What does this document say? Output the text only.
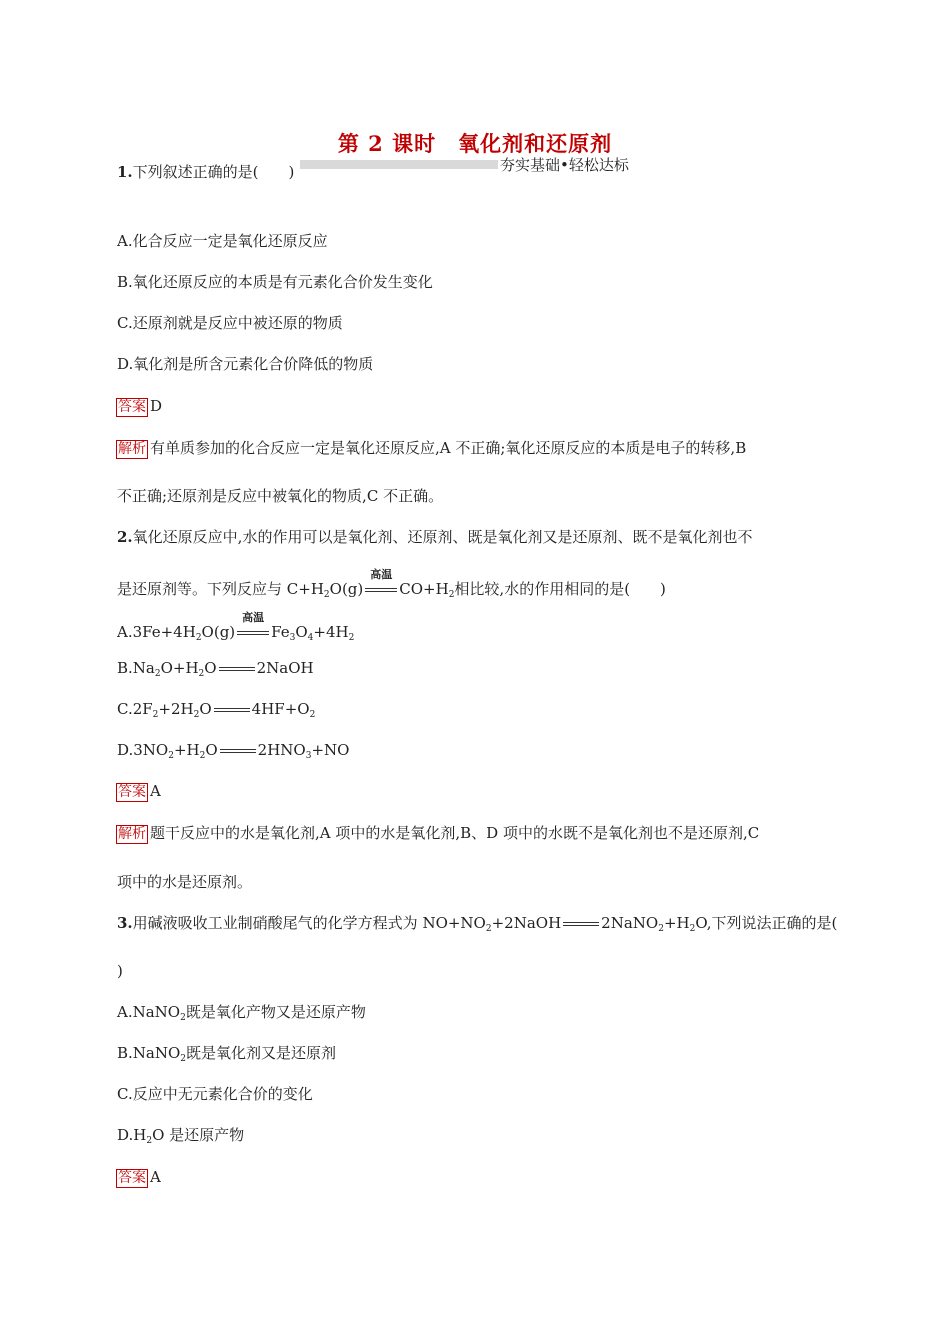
第 2 课时　氧化剂和还原剂
夯实基础•轻松达标
1.下列叙述正确的是(　　)
A.化合反应一定是氧化还原反应
B.氧化还原反应的本质是有元素化合价发生变化
C.还原剂就是反应中被还原的物质
D.氧化剂是所含元素化合价降低的物质
答案 D
解析 有单质参加的化合反应一定是氧化还原反应,A 不正确;氧化还原反应的本质是电子的转移,B
不正确;还原剂是反应中被氧化的物质,C 不正确。
2.氧化还原反应中,水的作用可以是氧化剂、还原剂、既是氧化剂又是还原剂、既不是氧化剂也不
是还原剂等。下列反应与 $C+H_2O(g)$
高温
$CO+H_2$相比较,水的作用相同的是(　　)
$A.3Fe+4H_2O(g)$
高温
$Fe_3O_4+4H_2$
$B.Na_2O+H_2O$	2NaOH
$C.2F_2+2H_2O$	$4HF+O_2$
$D.3NO_2+H_2O$	$2HNO_3+NO$
答案 A
解析 题干反应中的水是氧化剂,A 项中的水是氧化剂,B、D 项中的水既不是氧化剂也不是还原剂,C
项中的水是还原剂。
3.用碱液吸收工业制硝酸尾气的化学方程式为 $NO+NO_2+2NaOH$	$2NaNO_2+H_2O$,下列说法正确的是(
)
A.NaNO$_2$既是氧化产物又是还原产物
B.NaNO$_2$既是氧化剂又是还原剂
C.反应中无元素化合价的变化
$D.H_2O$ 是还原产物
答案 A
